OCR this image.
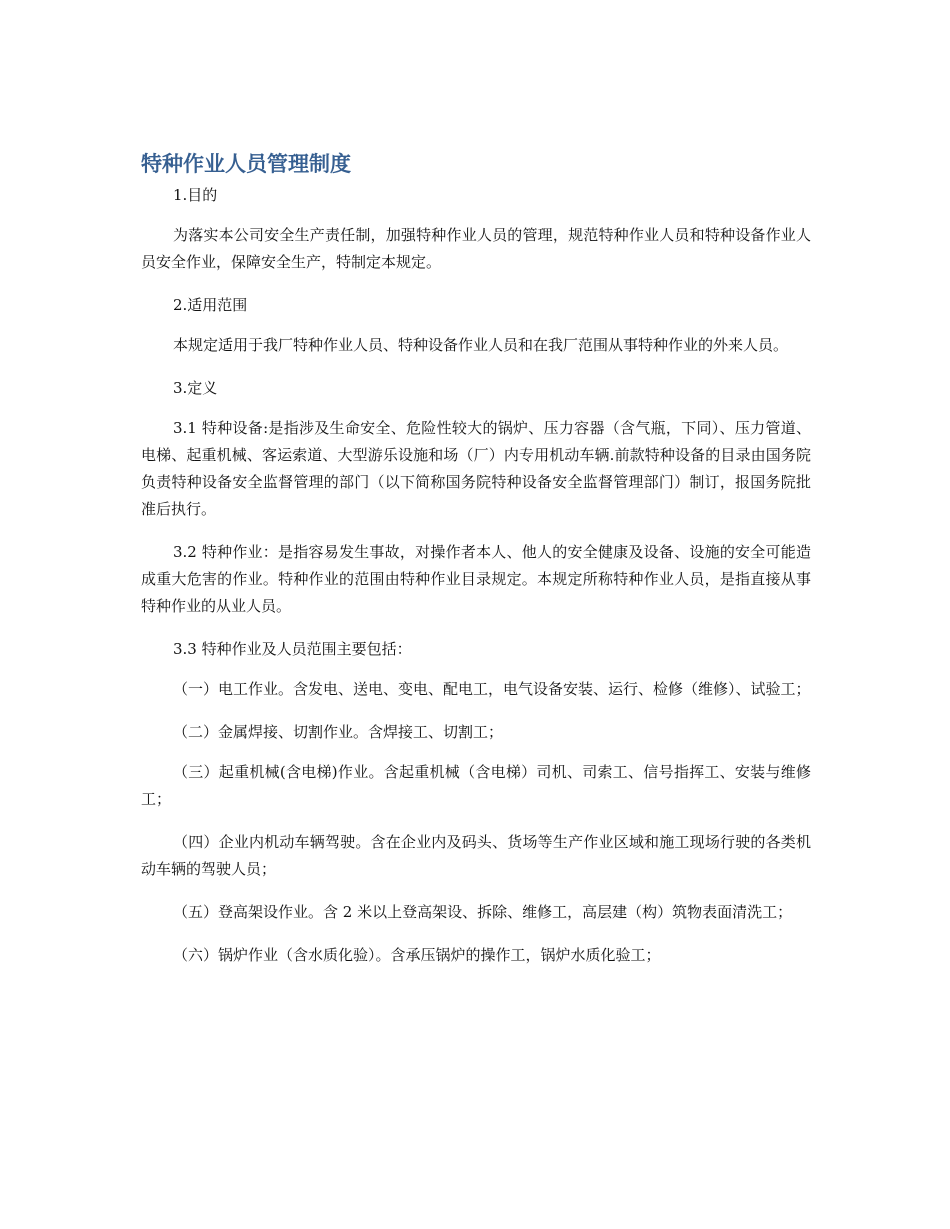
特种作业人员管理制度

1.目的

为落实本公司安全生产责任制，加强特种作业人员的管理，规范特种作业人员和特种设备作业人员安全作业，保障安全生产，特制定本规定。

2.适用范围

本规定适用于我厂特种作业人员、特种设备作业人员和在我厂范围从事特种作业的外来人员。

3.定义

3.1 特种设备:是指涉及生命安全、危险性较大的锅炉、压力容器（含气瓶，下同）、压力管道、电梯、起重机械、客运索道、大型游乐设施和场（厂）内专用机动车辆.前款特种设备的目录由国务院负责特种设备安全监督管理的部门（以下简称国务院特种设备安全监督管理部门）制订，报国务院批准后执行。

3.2 特种作业：是指容易发生事故，对操作者本人、他人的安全健康及设备、设施的安全可能造成重大危害的作业。特种作业的范围由特种作业目录规定。本规定所称特种作业人员，是指直接从事特种作业的从业人员。

3.3 特种作业及人员范围主要包括：

（一）电工作业。含发电、送电、变电、配电工，电气设备安装、运行、检修（维修）、试验工；

（二）金属焊接、切割作业。含焊接工、切割工；

（三）起重机械(含电梯)作业。含起重机械（含电梯）司机、司索工、信号指挥工、安装与维修工；

（四）企业内机动车辆驾驶。含在企业内及码头、货场等生产作业区域和施工现场行驶的各类机动车辆的驾驶人员；

（五）登高架设作业。含 2 米以上登高架设、拆除、维修工，高层建（构）筑物表面清洗工；

（六）锅炉作业（含水质化验）。含承压锅炉的操作工，锅炉水质化验工；
